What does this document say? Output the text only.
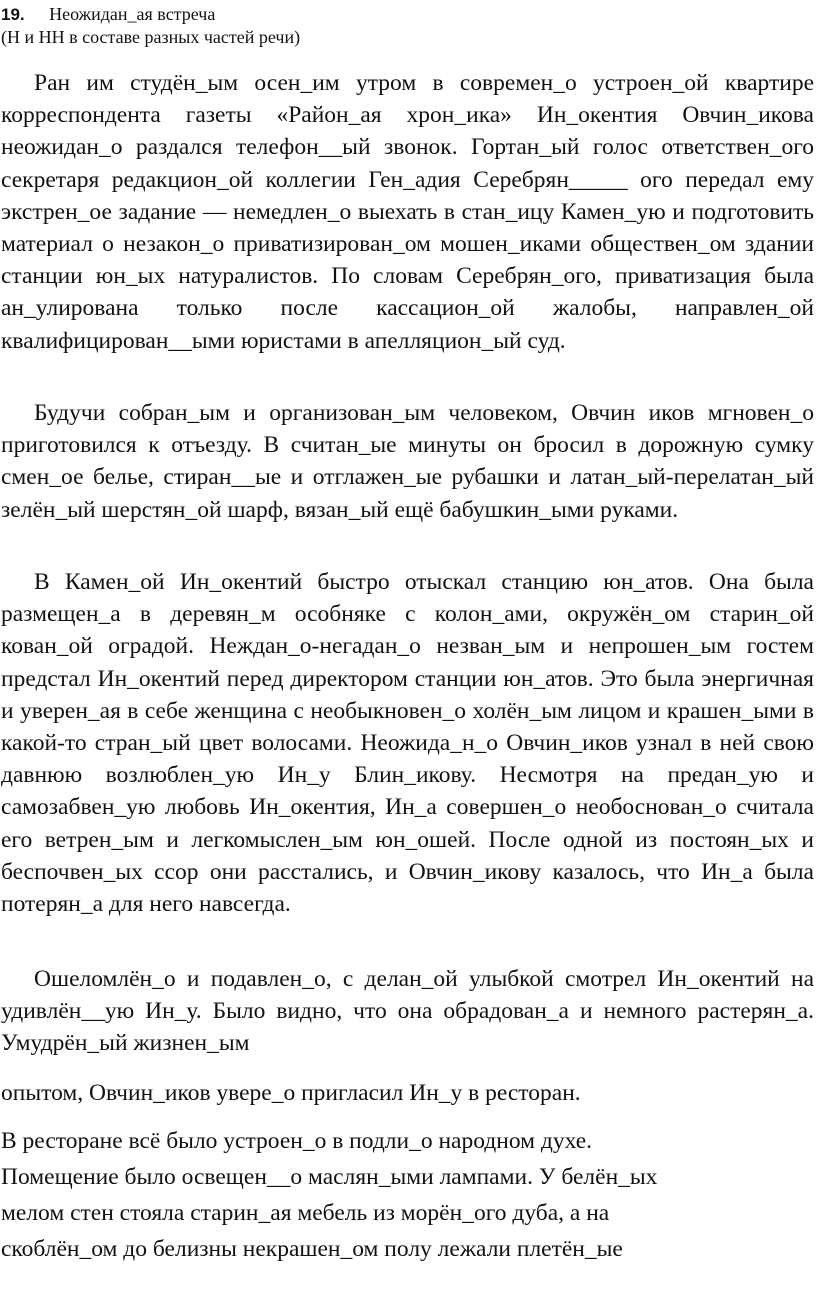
19. Неожидан_ая встреча
(Н и НН в составе разных частей речи)

Ран им студён_ым осен_им утром в современ_о устроен_ой квартире корреспондента газеты «Район_ая хрон_ика» Ин_окентия Овчин_икова неожидан_о раздался телефон__ый звонок. Гортан_ый голос ответствен_ого секретаря редакцион_ой коллегии Ген_адия Серебрян_____ ого передал ему экстрен_ое задание — немедлен_о выехать в стан_ицу Камен_ую и подготовить материал о незакон_о приватизирован_ом мошен_иками обществен_ом здании станции юн_ых натуралистов. По словам Серебрян_ого, приватизация была ан_улирована только после кассацион_ой жалобы, направлен_ой квалифицирован__ыми юристами в апелляцион_ый суд.

Будучи собран_ым и организован_ым человеком, Овчин иков мгновен_о приготовился к отъезду. В считан_ые минуты он бросил в дорожную сумку смен_ое белье, стиран__ые и отглажен_ые рубашки и латан_ый-перелатан_ый зелён_ый шерстян_ой шарф, вязан_ый ещё бабушкин_ыми руками.

В Камен_ой Ин_окентий быстро отыскал станцию юн_атов. Она была размещен_а в деревян_м особняке с колон_ами, окружён_ом старин_ой кован_ой оградой. Неждан_о-негадан_о незван_ым и непрошен_ым гостем предстал Ин_окентий перед директором станции юн_атов. Это была энергичная и уверен_ая в себе женщина с необыкновен_о холён_ым лицом и крашен_ыми в какой-то стран_ый цвет волосами. Неожида_н_о Овчин_иков узнал в ней свою давнюю возлюблен_ую Ин_у Блин_икову. Несмотря на предан_ую и самозабвен_ую любовь Ин_окентия, Ин_а совершен_о необоснован_о считала его ветрен_ым и легкомыслен_ым юн_ошей. После одной из постоян_ых и беспочвен_ых ссор они расстались, и Овчин_икову казалось, что Ин_а была потерян_а для него навсегда.

Ошеломлён_о и подавлен_о, с делан_ой улыбкой смотрел Ин_окентий на удивлён__ую Ин_у. Было видно, что она обрадован_а и немного растерян_а. Умудрён_ый жизнен_ым

опытом, Овчин_иков увере_о пригласил Ин_у в ресторан.

В ресторане всё было устроен_о в подли_о народном духе.

Помещение было освещен__о маслян_ыми лампами. У белён_ых

мелом стен стояла старин_ая мебель из морён_ого дуба, а на

скоблён_ом до белизны некрашен_ом полу лежали плетён_ые
